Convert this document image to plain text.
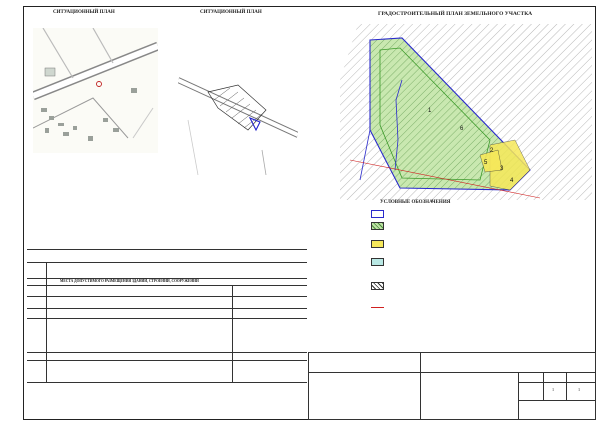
СИТУАЦИОННЫЙ ПЛАН	СИТУАЦИОННЫЙ ПЛАН	ГРАДОСТРОИТЕЛЬНЫЙ ПЛАН ЗЕМЕЛЬНОГО УЧАСТКА
1
2
3
4
5
6
МЕСТА ДОПУСТИМОГО РАЗМЕЩЕНИЯ ЗДАНИЙ, СТРОЕНИЙ, СООРУЖЕНИЙ
УСЛОВНЫЕ ОБОЗНАЧЕНИЯ
1	1
